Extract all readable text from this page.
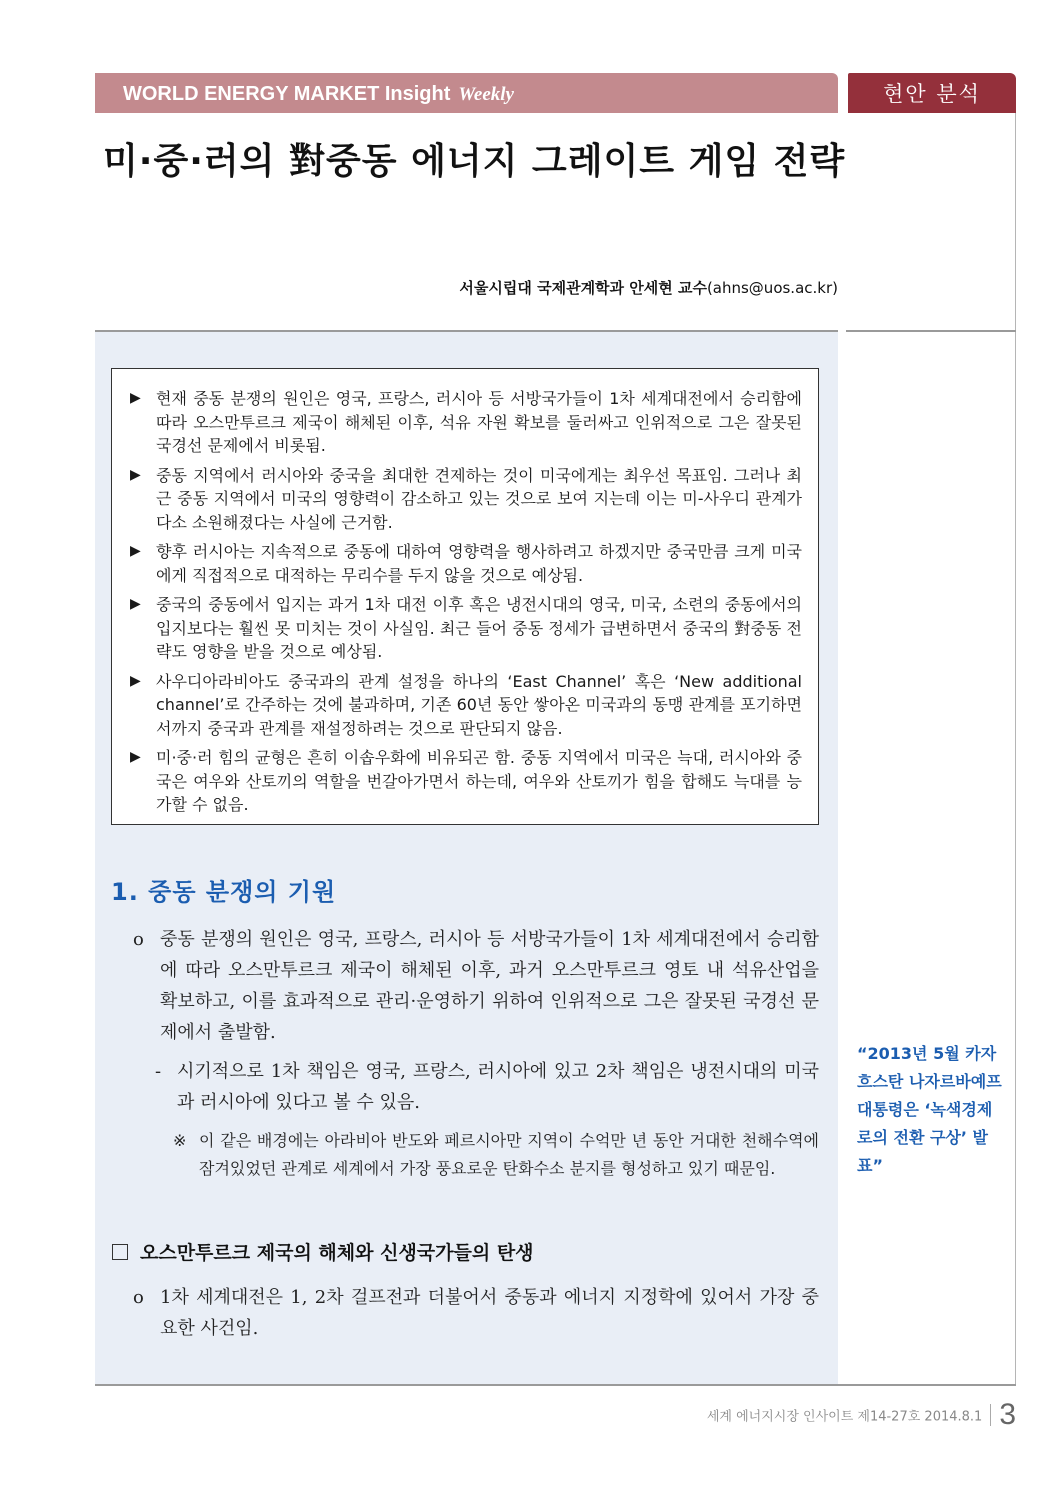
WORLD ENERGY MARKET Insight Weekly	현안 분석
미·중·러의 對중동 에너지 그레이트 게임 전략
서울시립대 국제관계학과 안세현 교수(ahns@uos.ac.kr)
▶ 현재 중동 분쟁의 원인은 영국, 프랑스, 러시아 등 서방국가들이 1차 세계대전에서 승리함에 따라 오스만투르크 제국이 해체된 이후, 석유 자원 확보를 둘러싸고 인위적으로 그은 잘못된 국경선 문제에서 비롯됨.
▶ 중동 지역에서 러시아와 중국을 최대한 견제하는 것이 미국에게는 최우선 목표임. 그러나 최근 중동 지역에서 미국의 영향력이 감소하고 있는 것으로 보여 지는데 이는 미-사우디 관계가 다소 소원해졌다는 사실에 근거함.
▶ 향후 러시아는 지속적으로 중동에 대하여 영향력을 행사하려고 하겠지만 중국만큼 크게 미국에게 직접적으로 대적하는 무리수를 두지 않을 것으로 예상됨.
▶ 중국의 중동에서 입지는 과거 1차 대전 이후 혹은 냉전시대의 영국, 미국, 소련의 중동에서의 입지보다는 훨씬 못 미치는 것이 사실임. 최근 들어 중동 정세가 급변하면서 중국의 對중동 전략도 영향을 받을 것으로 예상됨.
▶ 사우디아라비아도 중국과의 관계 설정을 하나의 ‘East Channel’ 혹은 ‘New additional channel’로 간주하는 것에 불과하며, 기존 60년 동안 쌓아온 미국과의 동맹 관계를 포기하면서까지 중국과 관계를 재설정하려는 것으로 판단되지 않음.
▶ 미·중·러 힘의 균형은 흔히 이솝우화에 비유되곤 함. 중동 지역에서 미국은 늑대, 러시아와 중국은 여우와 산토끼의 역할을 번갈아가면서 하는데, 여우와 산토끼가 힘을 합해도 늑대를 능가할 수 없음.
1. 중동 분쟁의 기원
o 중동 분쟁의 원인은 영국, 프랑스, 러시아 등 서방국가들이 1차 세계대전에서 승리함에 따라 오스만투르크 제국이 해체된 이후, 과거 오스만투르크 영토 내 석유산업을 확보하고, 이를 효과적으로 관리·운영하기 위하여 인위적으로 그은 잘못된 국경선 문제에서 출발함.
- 시기적으로 1차 책임은 영국, 프랑스, 러시아에 있고 2차 책임은 냉전시대의 미국과 러시아에 있다고 볼 수 있음.
※ 이 같은 배경에는 아라비아 반도와 페르시아만 지역이 수억만 년 동안 거대한 천해수역에 잠겨있었던 관계로 세계에서 가장 풍요로운 탄화수소 분지를 형성하고 있기 때문임.
오스만투르크 제국의 해체와 신생국가들의 탄생
o 1차 세계대전은 1, 2차 걸프전과 더불어서 중동과 에너지 지정학에 있어서 가장 중요한 사건임.
“2013년 5월 카자흐스탄 나자르바예프 대통령은 ‘녹색경제로의 전환 구상’ 발표”
세계 에너지시장 인사이트 제14-27호 2014.8.1 3
